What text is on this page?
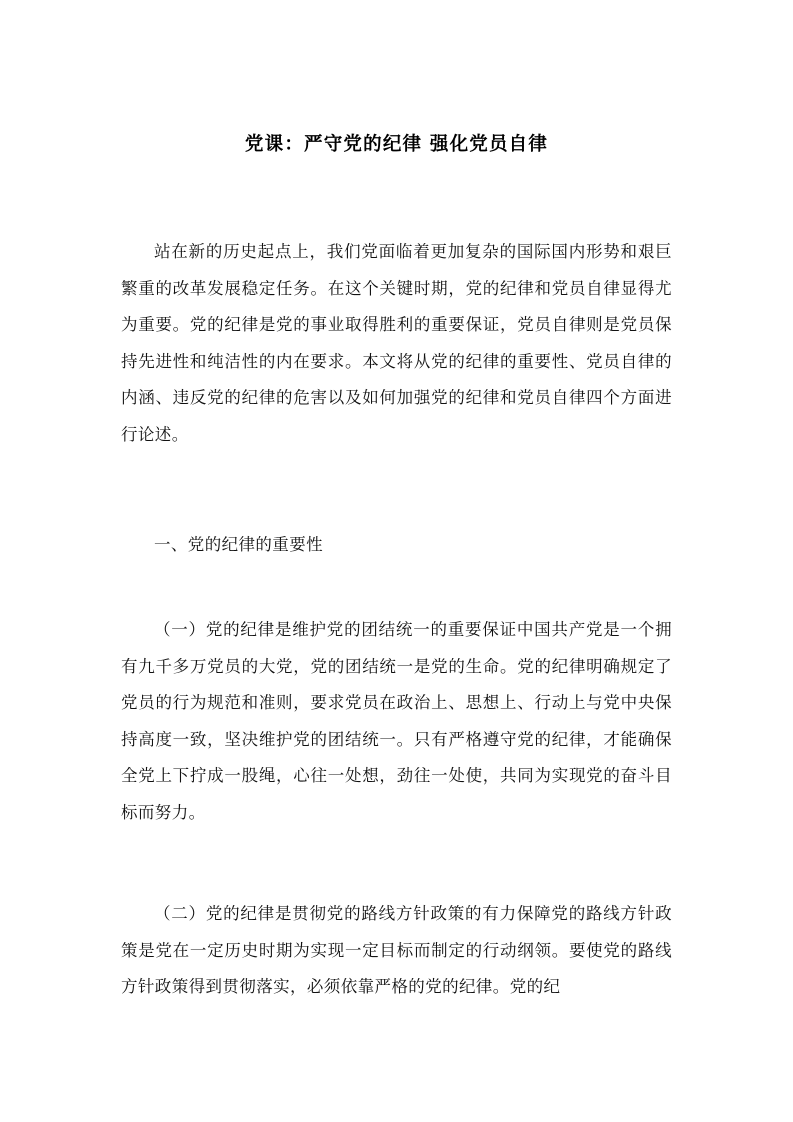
党课：严守党的纪律 强化党员自律

站在新的历史起点上，我们党面临着更加复杂的国际国内形势和艰巨繁重的改革发展稳定任务。在这个关键时期，党的纪律和党员自律显得尤为重要。党的纪律是党的事业取得胜利的重要保证，党员自律则是党员保持先进性和纯洁性的内在要求。本文将从党的纪律的重要性、党员自律的内涵、违反党的纪律的危害以及如何加强党的纪律和党员自律四个方面进行论述。

一、党的纪律的重要性

（一）党的纪律是维护党的团结统一的重要保证中国共产党是一个拥有九千多万党员的大党，党的团结统一是党的生命。党的纪律明确规定了党员的行为规范和准则，要求党员在政治上、思想上、行动上与党中央保持高度一致，坚决维护党的团结统一。只有严格遵守党的纪律，才能确保全党上下拧成一股绳，心往一处想，劲往一处使，共同为实现党的奋斗目标而努力。

（二）党的纪律是贯彻党的路线方针政策的有力保障党的路线方针政策是党在一定历史时期为实现一定目标而制定的行动纲领。要使党的路线方针政策得到贯彻落实，必须依靠严格的党的纪律。党的纪
